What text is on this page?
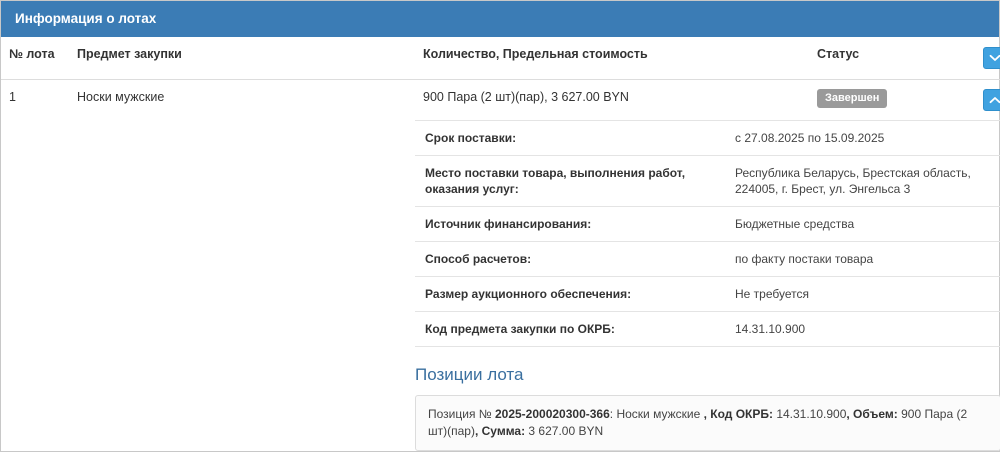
Информация о лотах
№ лота	Предмет закупки	Количество, Предельная стоимость	Статус	

1	Носки мужские	900 Пара (2 шт)(пар), 3 627.00 BYN	Завершен	

Срок поставки:	с 27.08.2025 по 15.09.2025
Место поставки товара, выполнения работ, оказания услуг:	Республика Беларусь, Брестская область, 224005, г. Брест, ул. Энгельса 3
Источник финансирования:	Бюджетные средства
Способ расчетов:	по факту постаки товара
Размер аукционного обеспечения:	Не требуется
Код предмета закупки по ОКРБ:	14.31.10.900
Позиции лота
Позиция № 2025-200020300-366: Носки мужские , Код ОКРБ: 14.31.10.900, Объем: 900 Пара (2 шт)(пар), Сумма: 3 627.00 BYN
